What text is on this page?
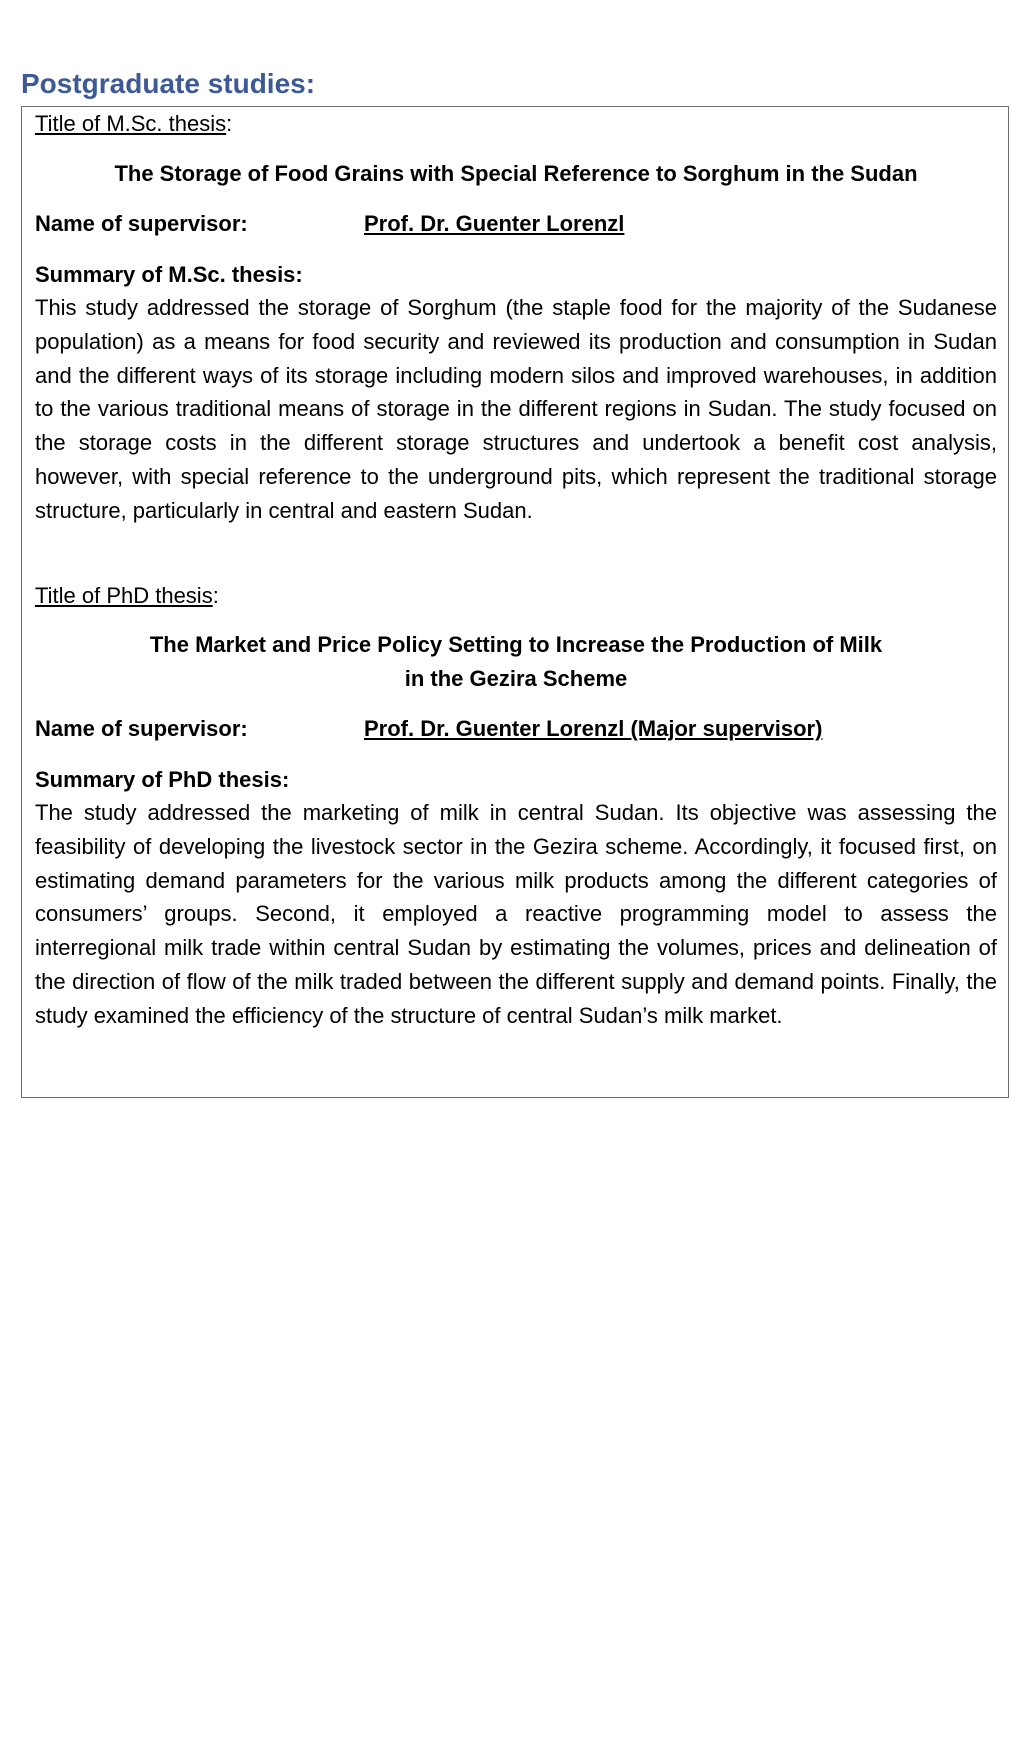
Postgraduate studies:
Title of M.Sc. thesis:
The Storage of Food Grains with Special Reference to Sorghum in the Sudan
Name of supervisor:	Prof. Dr. Guenter Lorenzl
Summary of M.Sc. thesis:

This study addressed the storage of Sorghum (the staple food for the majority of the Sudanese population) as a means for food security and reviewed its production and consumption in Sudan and the different ways of its storage including modern silos and improved warehouses, in addition to the various traditional means of storage in the different regions in Sudan. The study focused on the storage costs in the different storage structures and undertook a benefit cost analysis, however, with special reference to the underground pits, which represent the traditional storage structure, particularly in central and eastern Sudan.

Title of PhD thesis:
The Market and Price Policy Setting to Increase the Production of Milk
in the Gezira Scheme
Name of supervisor:	Prof. Dr. Guenter Lorenzl (Major supervisor)
Summary of PhD thesis:

The study addressed the marketing of milk in central Sudan. Its objective was assessing the feasibility of developing the livestock sector in the Gezira scheme. Accordingly, it focused first, on estimating demand parameters for the various milk products among the different categories of consumers’ groups. Second, it employed a reactive programming model to assess the interregional milk trade within central Sudan by estimating the volumes, prices and delineation of the direction of flow of the milk traded between the different supply and demand points. Finally, the study examined the efficiency of the structure of central Sudan’s milk market.
